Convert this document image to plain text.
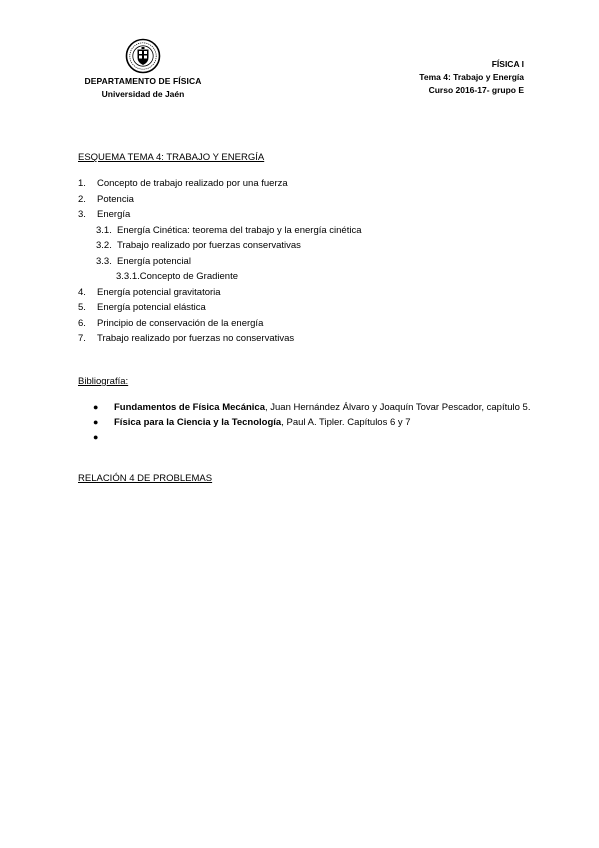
DEPARTAMENTO DE FÍSICA
Universidad de Jaén
FÍSICA I
Tema 4: Trabajo y Energía
Curso 2016-17- grupo E
ESQUEMA TEMA 4: TRABAJO Y ENERGÍA
1.	Concepto de trabajo realizado por una fuerza
2.	Potencia
3.	Energía
3.1. Energía Cinética: teorema del trabajo y la energía cinética
3.2. Trabajo realizado por fuerzas conservativas
3.3. Energía potencial
3.3.1. Concepto de Gradiente
4.	Energía potencial gravitatoria
5.	Energía potencial elástica
6.	Principio de conservación de la energía
7.	Trabajo realizado por fuerzas no conservativas
Bibliografía:
●	Fundamentos de Física Mecánica, Juan Hernández Álvaro y Joaquín Tovar Pescador, capítulo 5.
●	Física para la Ciencia y la Tecnología, Paul A. Tipler. Capítulos 6 y 7
●
RELACIÓN 4 DE PROBLEMAS
